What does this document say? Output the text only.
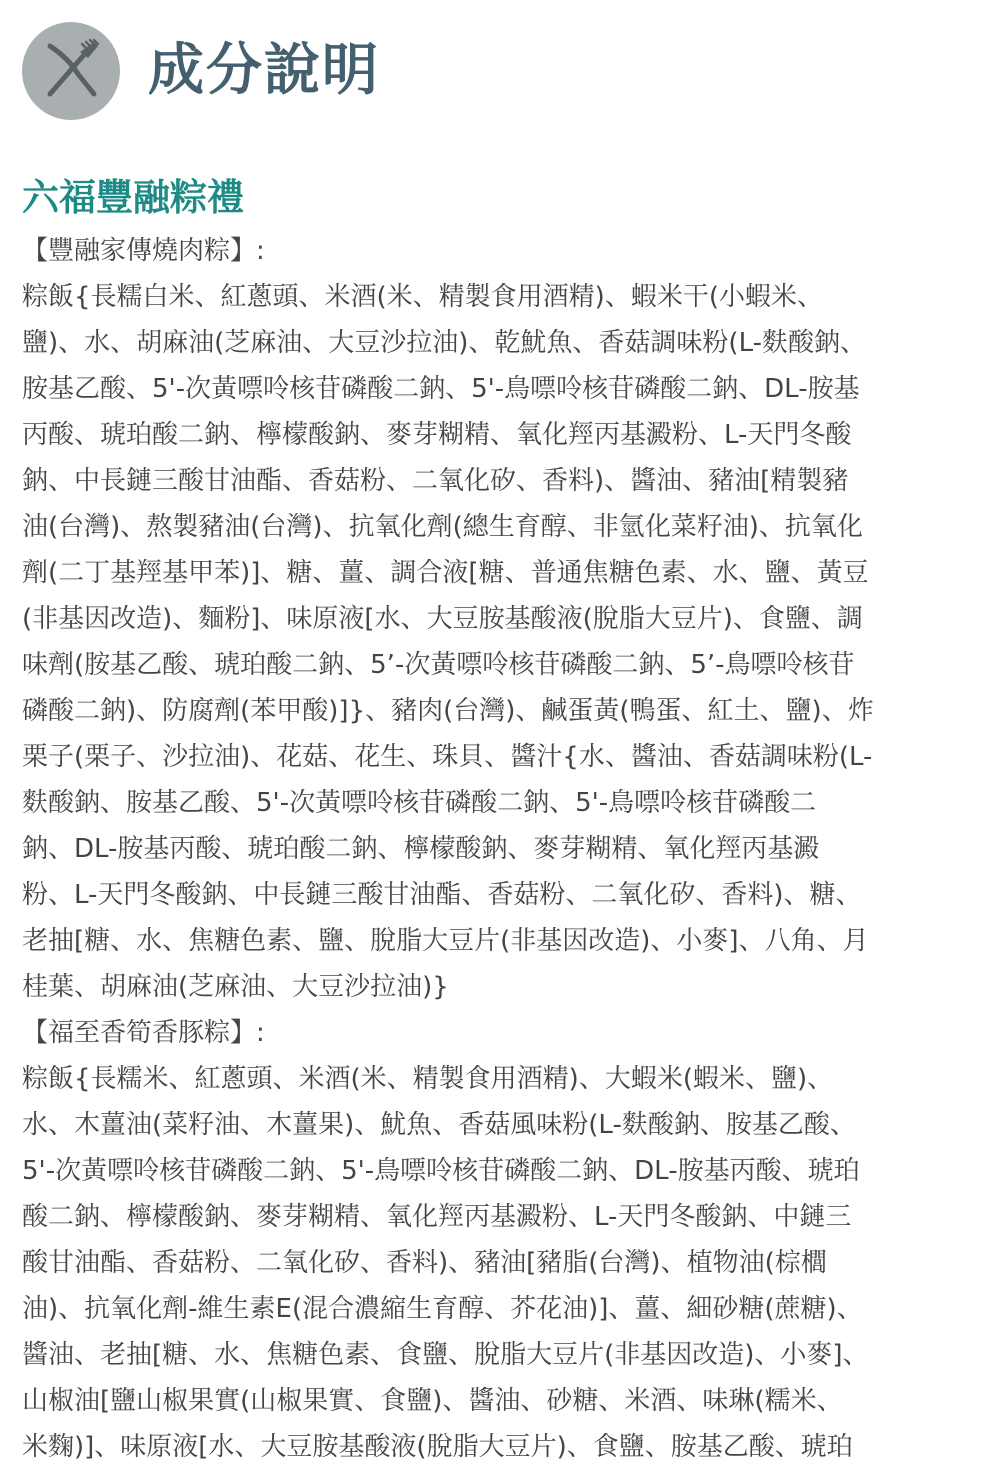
成分說明
六福豐融粽禮
【豐融家傳燒肉粽】:
粽飯{長糯白米、紅蔥頭、米酒(米、精製食用酒精)、蝦米干(小蝦米、
鹽)、水、胡麻油(芝麻油、大豆沙拉油)、乾魷魚、香菇調味粉(L-麩酸鈉、
胺基乙酸、5'-次黃嘌呤核苷磷酸二鈉、5'-鳥嘌呤核苷磷酸二鈉、DL-胺基
丙酸、琥珀酸二鈉、檸檬酸鈉、麥芽糊精、氧化羥丙基澱粉、L-天門冬酸
鈉、中長鏈三酸甘油酯、香菇粉、二氧化矽、香料)、醬油、豬油[精製豬
油(台灣)、熬製豬油(台灣)、抗氧化劑(總生育醇、非氫化菜籽油)、抗氧化
劑(二丁基羥基甲苯)]、糖、薑、調合液[糖、普通焦糖色素、水、鹽、黃豆
(非基因改造)、麵粉]、味原液[水、大豆胺基酸液(脫脂大豆片)、食鹽、調
味劑(胺基乙酸、琥珀酸二鈉、5’-次黃嘌呤核苷磷酸二鈉、5’-鳥嘌呤核苷
磷酸二鈉)、防腐劑(苯甲酸)]}、豬肉(台灣)、鹹蛋黃(鴨蛋、紅土、鹽)、炸
栗子(栗子、沙拉油)、花菇、花生、珠貝、醬汁{水、醬油、香菇調味粉(L-
麩酸鈉、胺基乙酸、5'-次黃嘌呤核苷磷酸二鈉、5'-鳥嘌呤核苷磷酸二
鈉、DL-胺基丙酸、琥珀酸二鈉、檸檬酸鈉、麥芽糊精、氧化羥丙基澱
粉、L-天門冬酸鈉、中長鏈三酸甘油酯、香菇粉、二氧化矽、香料)、糖、
老抽[糖、水、焦糖色素、鹽、脫脂大豆片(非基因改造)、小麥]、八角、月
桂葉、胡麻油(芝麻油、大豆沙拉油)}
【福至香筍香豚粽】:
粽飯{長糯米、紅蔥頭、米酒(米、精製食用酒精)、大蝦米(蝦米、鹽)、
水、木薑油(菜籽油、木薑果)、魷魚、香菇風味粉(L-麩酸鈉、胺基乙酸、
5'-次黃嘌呤核苷磷酸二鈉、5'-鳥嘌呤核苷磷酸二鈉、DL-胺基丙酸、琥珀
酸二鈉、檸檬酸鈉、麥芽糊精、氧化羥丙基澱粉、L-天門冬酸鈉、中鏈三
酸甘油酯、香菇粉、二氧化矽、香料)、豬油[豬脂(台灣)、植物油(棕櫚
油)、抗氧化劑-維生素E(混合濃縮生育醇、芥花油)]、薑、細砂糖(蔗糖)、
醬油、老抽[糖、水、焦糖色素、食鹽、脫脂大豆片(非基因改造)、小麥]、
山椒油[鹽山椒果實(山椒果實、食鹽)、醬油、砂糖、米酒、味琳(糯米、
米麴)]、味原液[水、大豆胺基酸液(脫脂大豆片)、食鹽、胺基乙酸、琥珀
